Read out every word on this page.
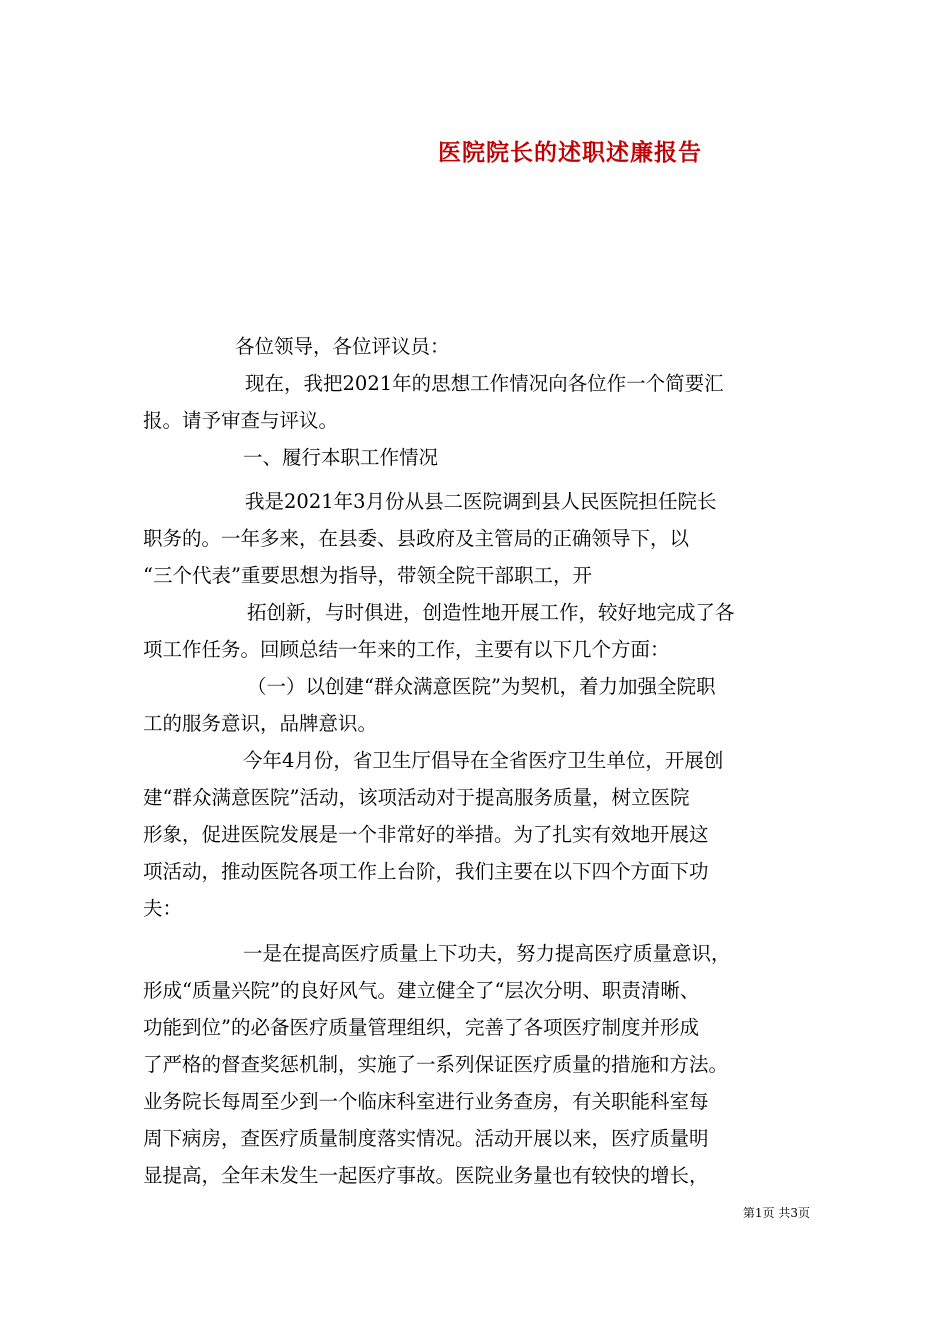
医院院长的述职述廉报告
各位领导，各位评议员：
现在，我把2021年的思想工作情况向各位作一个简要汇
报。请予审查与评议。
一、履行本职工作情况
我是2021年3月份从县二医院调到县人民医院担任院长
职务的。一年多来，在县委、县政府及主管局的正确领导下，以
“三个代表”重要思想为指导，带领全院干部职工，开
拓创新，与时俱进，创造性地开展工作，较好地完成了各
项工作任务。回顾总结一年来的工作，主要有以下几个方面：
（一）以创建“群众满意医院”为契机，着力加强全院职
工的服务意识，品牌意识。
今年4月份，省卫生厅倡导在全省医疗卫生单位，开展创
建“群众满意医院”活动，该项活动对于提高服务质量，树立医院
形象，促进医院发展是一个非常好的举措。为了扎实有效地开展这
项活动，推动医院各项工作上台阶，我们主要在以下四个方面下功
夫：
一是在提高医疗质量上下功夫，努力提高医疗质量意识，
形成“质量兴院”的良好风气。建立健全了“层次分明、职责清晰、
功能到位”的必备医疗质量管理组织，完善了各项医疗制度并形成
了严格的督查奖惩机制，实施了一系列保证医疗质量的措施和方法。
业务院长每周至少到一个临床科室进行业务查房，有关职能科室每
周下病房，查医疗质量制度落实情况。活动开展以来，医疗质量明
显提高，全年未发生一起医疗事故。医院业务量也有较快的增长，
第1页 共3页
